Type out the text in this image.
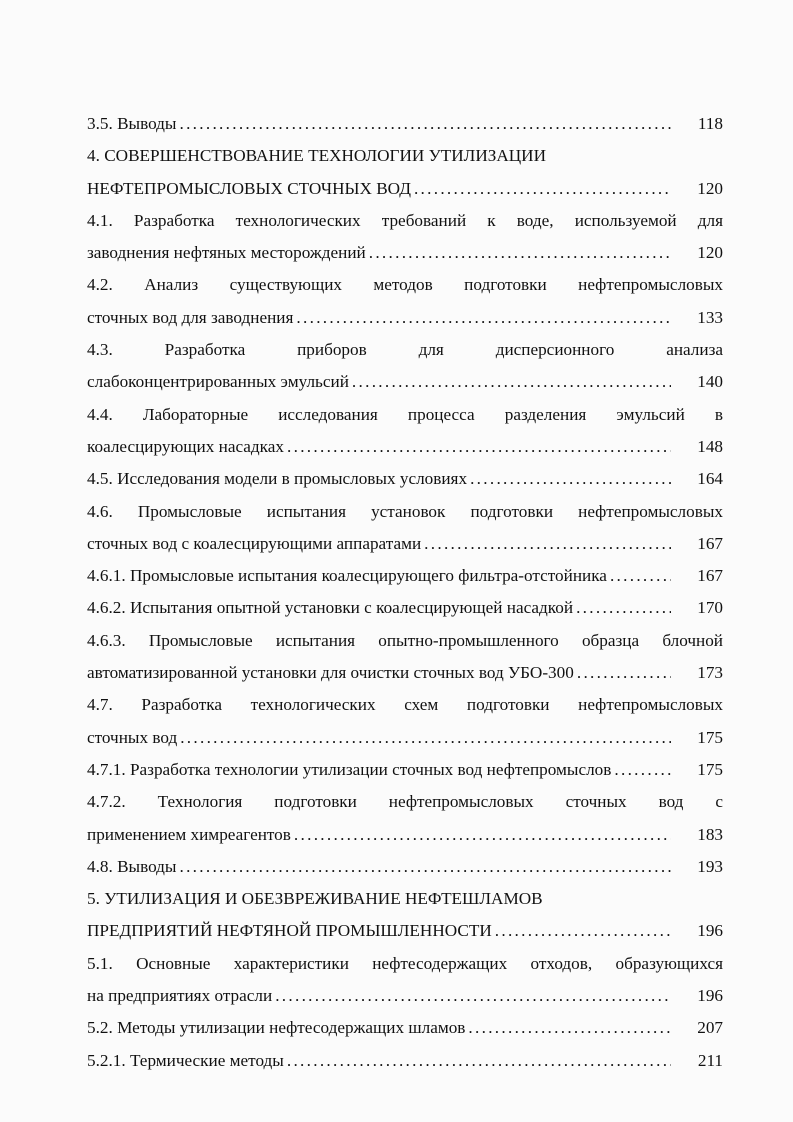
3.5. Выводы . . .	118
4. СОВЕРШЕНСТВОВАНИЕ ТЕХНОЛОГИИ УТИЛИЗАЦИИ
НЕФТЕПРОМЫСЛОВЫХ СТОЧНЫХ ВОД . . .	120
4.1. Разработка технологических требований к воде, используемой для
заводнения нефтяных месторождений . . .	120
4.2. Анализ существующих методов подготовки нефтепромысловых
сточных вод для заводнения . . .	133
4.3. Разработка приборов для дисперсионного анализа
слабоконцентрированных эмульсий . . .	140
4.4. Лабораторные исследования процесса разделения эмульсий в
коалесцирующих насадках . . .	148
4.5. Исследования модели в промысловых условиях . . .	164
4.6. Промысловые испытания установок подготовки нефтепромысловых
сточных вод с коалесцирующими аппаратами . . .	167
4.6.1. Промысловые испытания коалесцирующего фильтра-отстойника . . .	167
4.6.2. Испытания опытной установки с коалесцирующей насадкой . . .	170
4.6.3. Промысловые испытания опытно-промышленного образца блочной
автоматизированной установки для очистки сточных вод УБО-300 . . .	173
4.7. Разработка технологических схем подготовки нефтепромысловых
сточных вод . . .	175
4.7.1. Разработка технологии утилизации сточных вод нефтепромыслов . . .	175
4.7.2. Технология подготовки нефтепромысловых сточных вод с
применением химреагентов . . .	183
4.8. Выводы . . .	193
5. УТИЛИЗАЦИЯ И ОБЕЗВРЕЖИВАНИЕ НЕФТЕШЛАМОВ
ПРЕДПРИЯТИЙ НЕФТЯНОЙ ПРОМЫШЛЕННОСТИ . . .	196
5.1. Основные характеристики нефтесодержащих отходов, образующихся
на предприятиях отрасли . . .	196
5.2. Методы утилизации нефтесодержащих шламов . . .	207
5.2.1. Термические методы . . .	211
